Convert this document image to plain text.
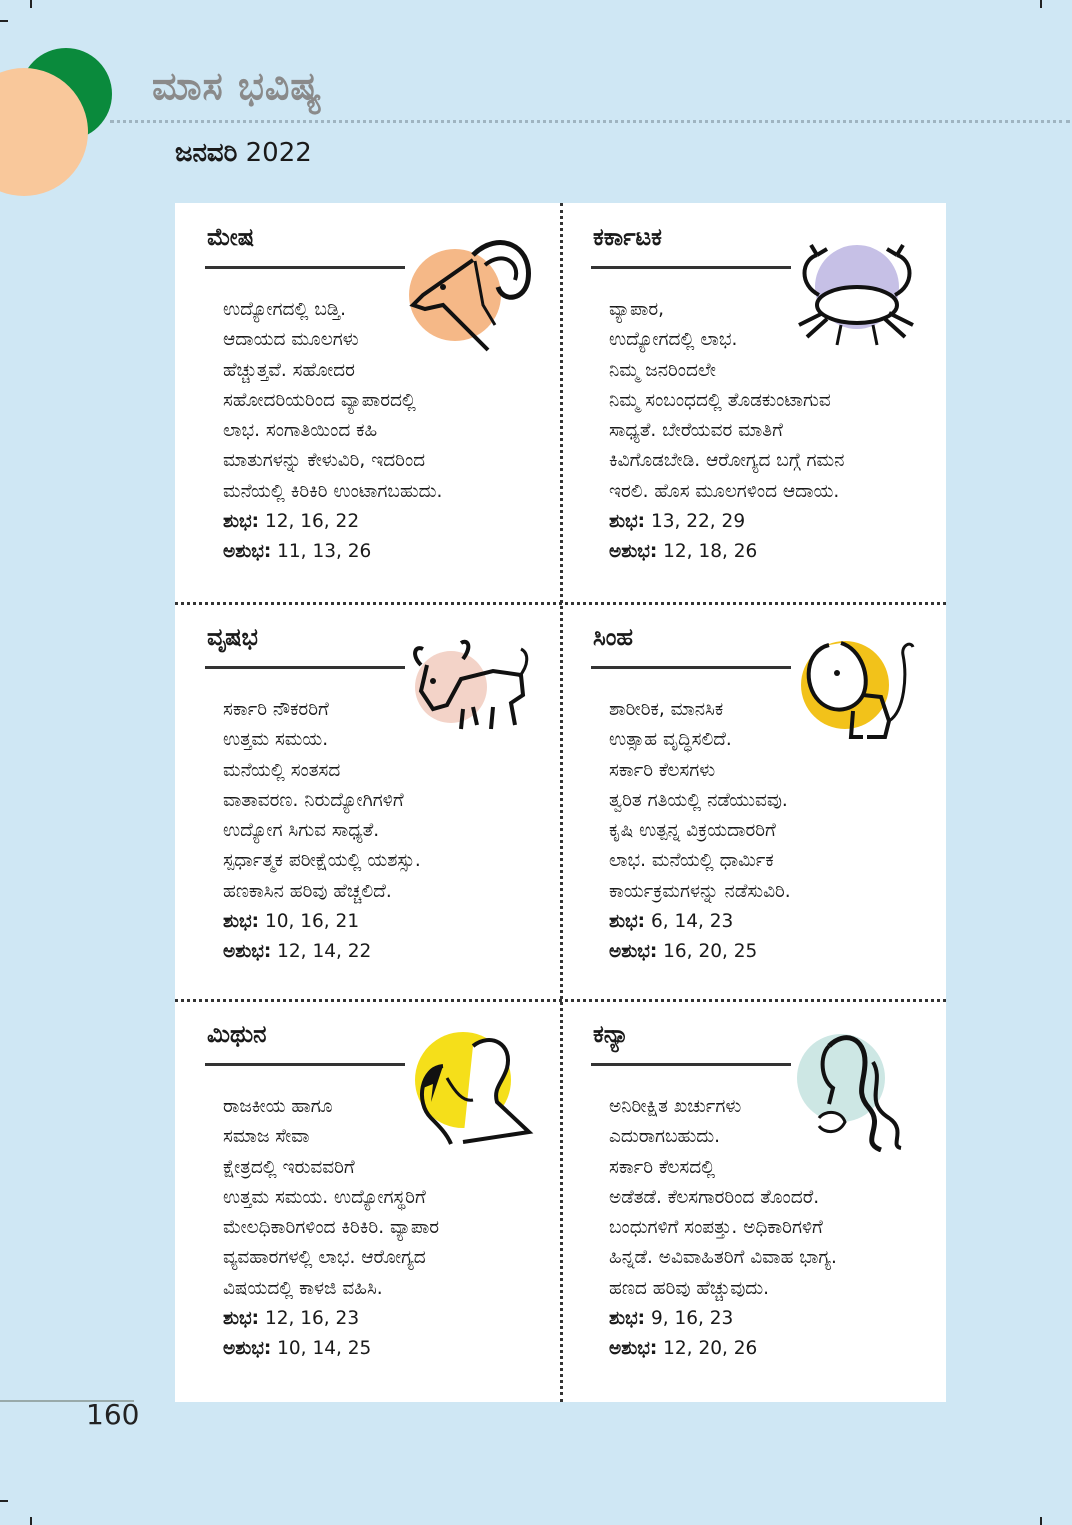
ಮಾಸ ಭವಿಷ್ಯ
ಜನವರಿ 2022
ಮೇಷ

ಉದ್ಯೋಗದಲ್ಲಿ ಬಡ್ತಿ.

ಆದಾಯದ ಮೂಲಗಳು

ಹೆಚ್ಚುತ್ತವೆ. ಸಹೋದರ

ಸಹೋದರಿಯರಿಂದ ವ್ಯಾಪಾರದಲ್ಲಿ

ಲಾಭ. ಸಂಗಾತಿಯಿಂದ ಕಹಿ

ಮಾತುಗಳನ್ನು ಕೇಳುವಿರಿ, ಇದರಿಂದ

ಮನೆಯಲ್ಲಿ ಕಿರಿಕಿರಿ ಉಂಟಾಗಬಹುದು.

ಶುಭ: 12, 16, 22
ಅಶುಭ: 11, 13, 26
ಕರ್ಕಾಟಕ

ವ್ಯಾಪಾರ,

ಉದ್ಯೋಗದಲ್ಲಿ ಲಾಭ.

ನಿಮ್ಮ ಜನರಿಂದಲೇ

ನಿಮ್ಮ ಸಂಬಂಧದಲ್ಲಿ ತೊಡಕುಂಟಾಗುವ

ಸಾಧ್ಯತೆ. ಬೇರೆಯವರ ಮಾತಿಗೆ

ಕಿವಿಗೊಡಬೇಡಿ. ಆರೋಗ್ಯದ ಬಗ್ಗೆ ಗಮನ

ಇರಲಿ. ಹೊಸ ಮೂಲಗಳಿಂದ ಆದಾಯ.

ಶುಭ: 13, 22, 29
ಅಶುಭ: 12, 18, 26
ವೃಷಭ

ಸರ್ಕಾರಿ ನೌಕರರಿಗೆ

ಉತ್ತಮ ಸಮಯ.

ಮನೆಯಲ್ಲಿ ಸಂತಸದ

ವಾತಾವರಣ. ನಿರುದ್ಯೋಗಿಗಳಿಗೆ

ಉದ್ಯೋಗ ಸಿಗುವ ಸಾಧ್ಯತೆ.

ಸ್ಪರ್ಧಾತ್ಮಕ ಪರೀಕ್ಷೆಯಲ್ಲಿ ಯಶಸ್ಸು.

ಹಣಕಾಸಿನ ಹರಿವು ಹೆಚ್ಚಲಿದೆ.

ಶುಭ: 10, 16, 21
ಅಶುಭ: 12, 14, 22
ಸಿಂಹ

ಶಾರೀರಿಕ, ಮಾನಸಿಕ

ಉತ್ಸಾಹ ವೃದ್ಧಿಸಲಿದೆ.

ಸರ್ಕಾರಿ ಕೆಲಸಗಳು

ತ್ವರಿತ ಗತಿಯಲ್ಲಿ ನಡೆಯುವವು.

ಕೃಷಿ ಉತ್ಪನ್ನ ವಿಕ್ರಯದಾರರಿಗೆ

ಲಾಭ. ಮನೆಯಲ್ಲಿ ಧಾರ್ಮಿಕ

ಕಾರ್ಯಕ್ರಮಗಳನ್ನು ನಡೆಸುವಿರಿ.

ಶುಭ: 6, 14, 23
ಅಶುಭ: 16, 20, 25
ಮಿಥುನ

ರಾಜಕೀಯ ಹಾಗೂ

ಸಮಾಜ ಸೇವಾ

ಕ್ಷೇತ್ರದಲ್ಲಿ ಇರುವವರಿಗೆ

ಉತ್ತಮ ಸಮಯ. ಉದ್ಯೋಗಸ್ಥರಿಗೆ

ಮೇಲಧಿಕಾರಿಗಳಿಂದ ಕಿರಿಕಿರಿ. ವ್ಯಾಪಾರ

ವ್ಯವಹಾರಗಳಲ್ಲಿ ಲಾಭ. ಆರೋಗ್ಯದ

ವಿಷಯದಲ್ಲಿ ಕಾಳಜಿ ವಹಿಸಿ.

ಶುಭ: 12, 16, 23
ಅಶುಭ: 10, 14, 25
ಕನ್ಯಾ

ಅನಿರೀಕ್ಷಿತ ಖರ್ಚುಗಳು

ಎದುರಾಗಬಹುದು.

ಸರ್ಕಾರಿ ಕೆಲಸದಲ್ಲಿ

ಅಡೆತಡೆ. ಕೆಲಸಗಾರರಿಂದ ತೊಂದರೆ.

ಬಂಧುಗಳಿಗೆ ಸಂಪತ್ತು. ಅಧಿಕಾರಿಗಳಿಗೆ

ಹಿನ್ನಡೆ. ಅವಿವಾಹಿತರಿಗೆ ವಿವಾಹ ಭಾಗ್ಯ.

ಹಣದ ಹರಿವು ಹೆಚ್ಚುವುದು.

ಶುಭ: 9, 16, 23
ಅಶುಭ: 12, 20, 26
160
